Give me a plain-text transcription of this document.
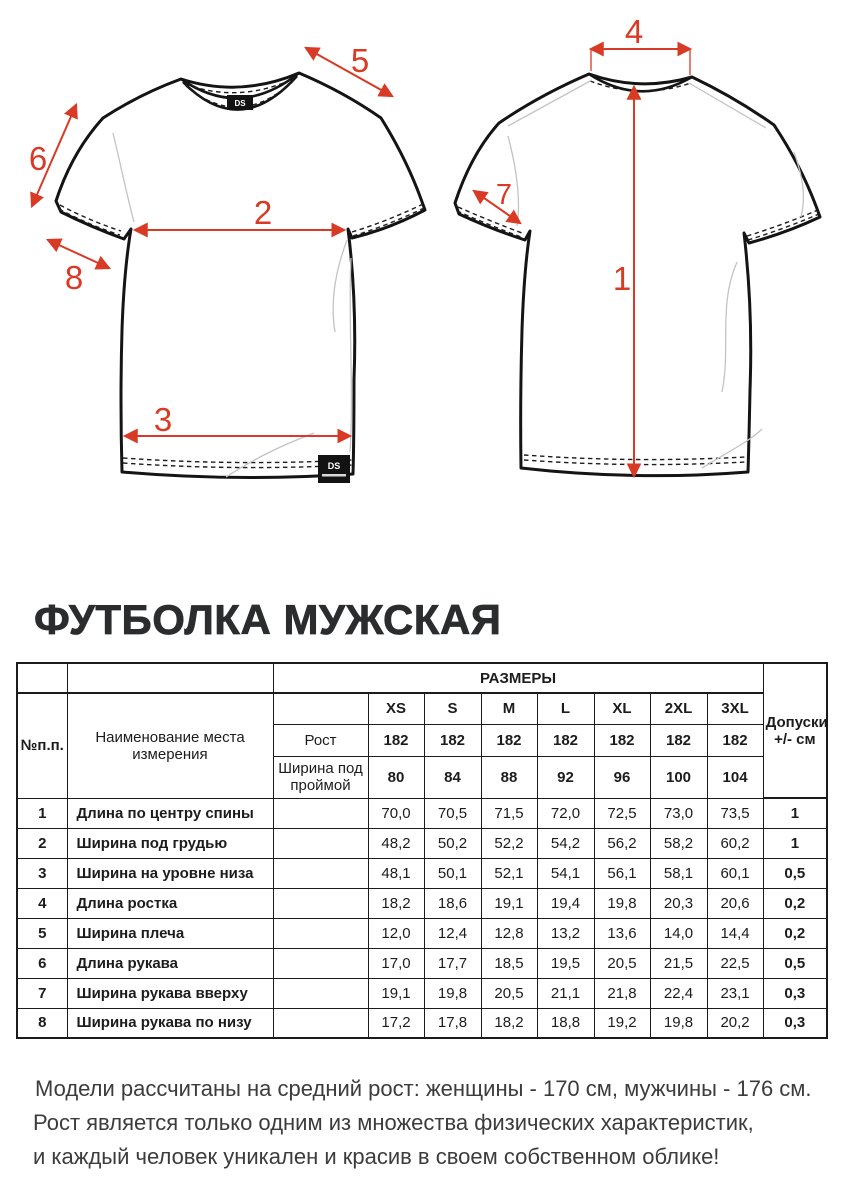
DS
DS
5
6
2
8
3
4
1
7
ФУТБОЛКА МУЖСКАЯ
		РАЗМЕРЫ								Допуски +/- см
№п.п.	Наименование места измерения		XS	S	M	L	XL	2XL	3XL	
		Рост	182	182	182	182	182	182	182	
		Ширина под проймой	80	84	88	92	96	100	104	
1	Длина по центру спины		70,0	70,5	71,5	72,0	72,5	73,0	73,5	1
2	Ширина под грудью		48,2	50,2	52,2	54,2	56,2	58,2	60,2	1
3	Ширина на уровне низа		48,1	50,1	52,1	54,1	56,1	58,1	60,1	0,5
4	Длина ростка		18,2	18,6	19,1	19,4	19,8	20,3	20,6	0,2
5	Ширина плеча		12,0	12,4	12,8	13,2	13,6	14,0	14,4	0,2
6	Длина рукава		17,0	17,7	18,5	19,5	20,5	21,5	22,5	0,5
7	Ширина рукава вверху		19,1	19,8	20,5	21,1	21,8	22,4	23,1	0,3
8	Ширина рукава по низу		17,2	17,8	18,2	18,8	19,2	19,8	20,2	0,3
Модели рассчитаны на средний рост: женщины - 170 см, мужчины - 176 см.
Рост является только одним из множества физических характеристик,
и каждый человек уникален и красив в своем собственном облике!
